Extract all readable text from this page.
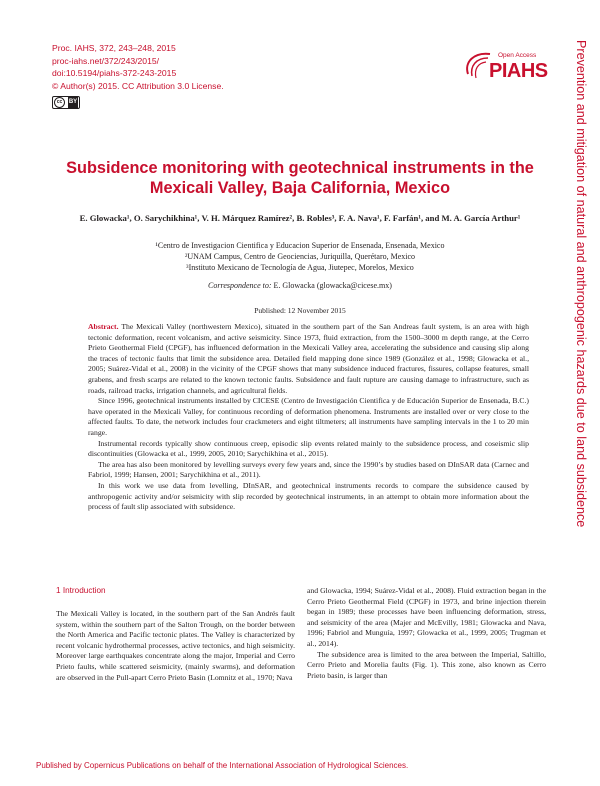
Proc. IAHS, 372, 243–248, 2015
proc-iahs.net/372/243/2015/
doi:10.5194/piahs-372-243-2015
© Author(s) 2015. CC Attribution 3.0 License.
cc	BY
Open Access
PIAHS Prevention and mitigation of natural and anthropogenic hazards due to land subsidence
Subsidence monitoring with geotechnical instruments in the Mexicali Valley, Baja California, Mexico
E. Glowacka¹, O. Sarychikhina¹, V. H. Márquez Ramírez², B. Robles³, F. A. Nava¹, F. Farfán¹, and M. A. García Arthur¹
¹Centro de Investigacion Cientifica y Educacion Superior de Ensenada, Ensenada, Mexico
²UNAM Campus, Centro de Geociencias, Juriquilla, Querétaro, Mexico
³Instituto Mexicano de Tecnología de Agua, Jiutepec, Morelos, Mexico
Correspondence to: E. Glowacka (glowacka@cicese.mx)
Published: 12 November 2015

Abstract. The Mexicali Valley (northwestern Mexico), situated in the southern part of the San Andreas fault system, is an area with high tectonic deformation, recent volcanism, and active seismicity. Since 1973, fluid extraction, from the 1500–3000 m depth range, at the Cerro Prieto Geothermal Field (CPGF), has influenced deformation in the Mexicali Valley area, accelerating the subsidence and causing slip along the traces of tectonic faults that limit the subsidence area. Detailed field mapping done since 1989 (González et al., 1998; Glowacka et al., 2005; Suárez-Vidal et al., 2008) in the vicinity of the CPGF shows that many subsidence induced fractures, fissures, collapse features, small grabens, and fresh scarps are related to the known tectonic faults. Subsidence and fault rupture are causing damage to infrastructure, such as roads, railroad tracks, irrigation channels, and agricultural fields.

Since 1996, geotechnical instruments installed by CICESE (Centro de Investigación Cientifica y de Educación Superior de Ensenada, B.C.) have operated in the Mexicali Valley, for continuous recording of deformation phenomena. Instruments are installed over or very close to the affected faults. To date, the network includes four crackmeters and eight tiltmeters; all instruments have sampling intervals in the 1 to 20 min range.

Instrumental records typically show continuous creep, episodic slip events related mainly to the subsidence process, and coseismic slip discontinuities (Glowacka et al., 1999, 2005, 2010; Sarychikhina et al., 2015).

The area has also been monitored by levelling surveys every few years and, since the 1990’s by studies based on DInSAR data (Carnec and Fabriol, 1999; Hansen, 2001; Sarychikhina et al., 2011).

In this work we use data from levelling, DInSAR, and geotechnical instruments records to compare the subsidence caused by anthropogenic activity and/or seismicity with slip recorded by geotechnical instruments, in an attempt to obtain more information about the process of fault slip associated with subsidence.

1 Introduction

The Mexicali Valley is located, in the southern part of the San Andrés fault system, within the southern part of the Salton Trough, on the border between the North America and Pacific tectonic plates. The Valley is characterized by recent volcanic hydrothermal processes, active tectonics, and high seismicity. Moreover large earthquakes concentrate along the major, Imperial and Cerro Prieto faults, while scattered seismicity, (mainly swarms), and deformation are observed in the Pull-apart Cerro Prieto Basin (Lomnitz et al., 1970; Nava

and Glowacka, 1994; Suárez-Vidal et al., 2008). Fluid extraction began in the Cerro Prieto Geothermal Field (CPGF) in 1973, and brine injection therein began in 1989; these processes have been influencing deformation, stress, and seismicity of the area (Majer and McEvilly, 1981; Glowacka and Nava, 1996; Fabriol and Munguía, 1997; Glowacka et al., 1999, 2005; Trugman et al., 2014).

The subsidence area is limited to the area between the Imperial, Saltillo, Cerro Prieto and Morelia faults (Fig. 1). This zone, also known as Cerro Prieto basin, is larger than

Published by Copernicus Publications on behalf of the International Association of Hydrological Sciences.
